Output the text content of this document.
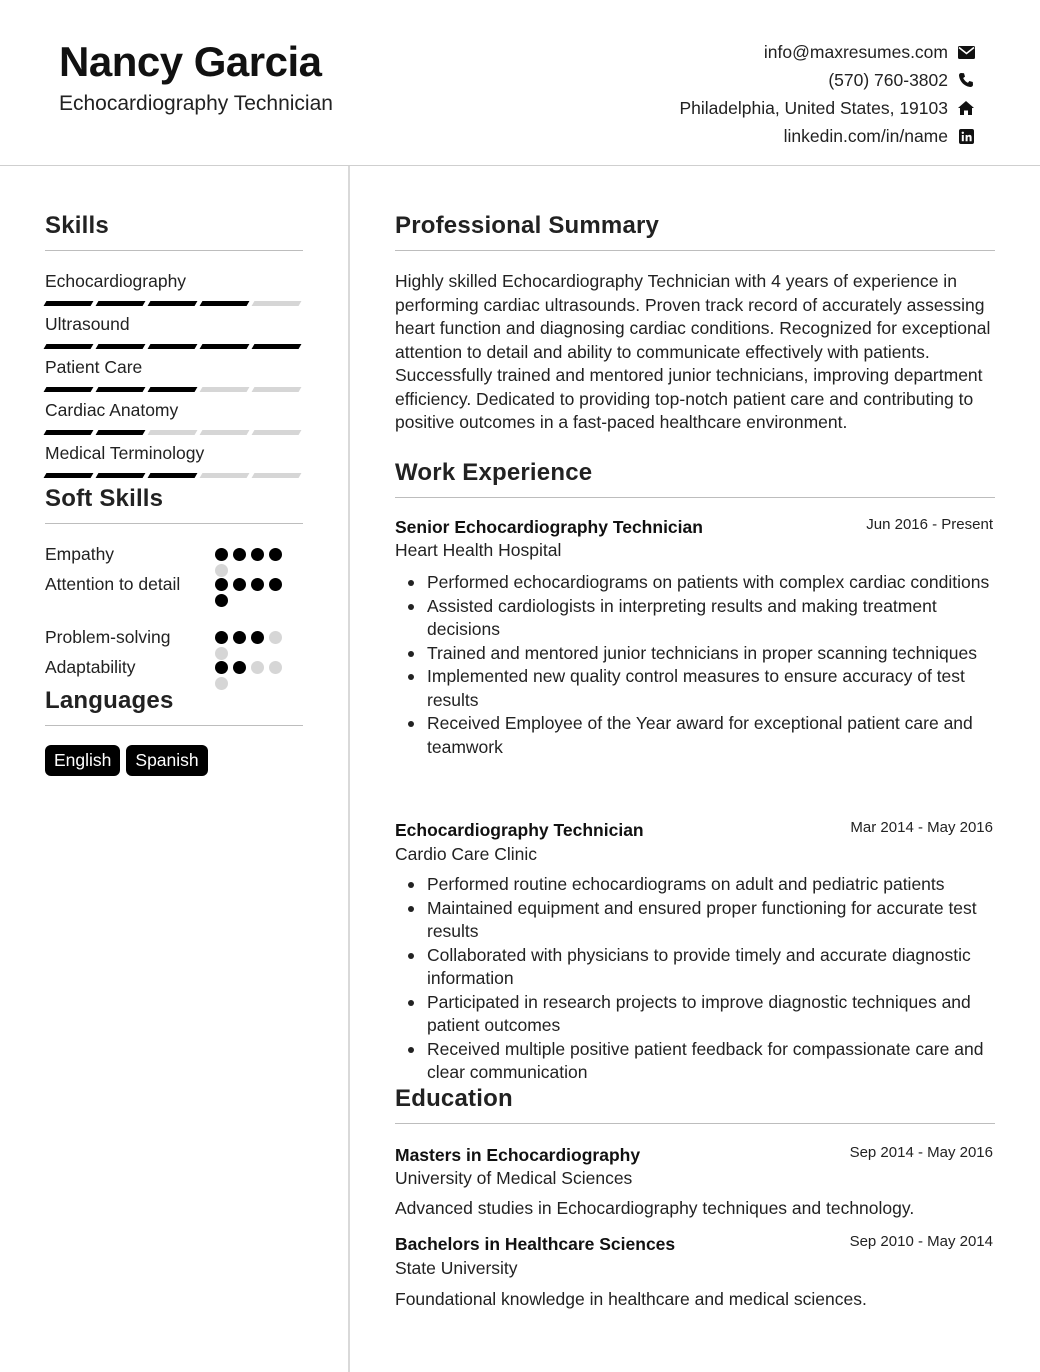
Nancy Garcia
Echocardiography Technician
info@maxresumes.com
(570) 760-3802
Philadelphia, United States, 19103
linkedin.com/in/name
Skills
Echocardiography
Ultrasound
Patient Care
Cardiac Anatomy
Medical Terminology
Soft Skills
Empathy
Attention to detail
Problem-solving
Adaptability
Languages
English	Spanish
Professional Summary
Highly skilled Echocardiography Technician with 4 years of experience in performing cardiac ultrasounds. Proven track record of accurately assessing heart function and diagnosing cardiac conditions. Recognized for exceptional attention to detail and ability to communicate effectively with patients. Successfully trained and mentored junior technicians, improving department efficiency. Dedicated to providing top-notch patient care and contributing to positive outcomes in a fast-paced healthcare environment.
Work Experience
Senior Echocardiography Technician	Jun 2016 - Present
Heart Health Hospital
Performed echocardiograms on patients with complex cardiac conditions
Assisted cardiologists in interpreting results and making treatment decisions
Trained and mentored junior technicians in proper scanning techniques
Implemented new quality control measures to ensure accuracy of test results
Received Employee of the Year award for exceptional patient care and teamwork
Echocardiography Technician	Mar 2014 - May 2016
Cardio Care Clinic
Performed routine echocardiograms on adult and pediatric patients
Maintained equipment and ensured proper functioning for accurate test results
Collaborated with physicians to provide timely and accurate diagnostic information
Participated in research projects to improve diagnostic techniques and patient outcomes
Received multiple positive patient feedback for compassionate care and clear communication
Education
Masters in Echocardiography	Sep 2014 - May 2016
University of Medical Sciences
Advanced studies in Echocardiography techniques and technology.
Bachelors in Healthcare Sciences	Sep 2010 - May 2014
State University
Foundational knowledge in healthcare and medical sciences.
